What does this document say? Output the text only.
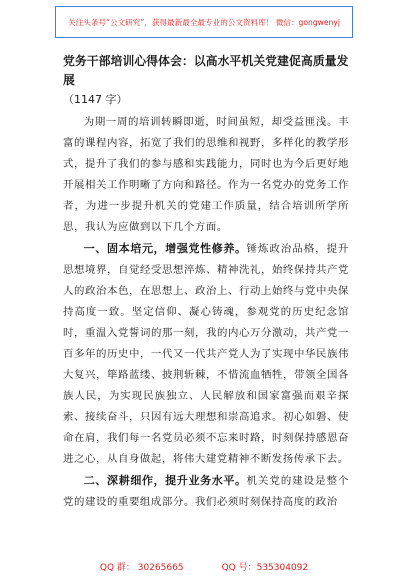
关注头条号“公文研究”，获得最新最全最专业的公文资料库！ 微信：gongwenyj

党务干部培训心得体会：以高水平机关党建促高质量发展

（1147 字）

为期一周的培训转瞬即逝，时间虽短，却受益匪浅。丰富的课程内容，拓宽了我们的思维和视野，多样化的教学形式，提升了我们的参与感和实践能力，同时也为今后更好地开展相关工作明晰了方向和路径。作为一名党办的党务工作者，为进一步提升机关的党建工作质量，结合培训所学所思，我认为应做到以下几个方面。

一、固本培元，增强党性修养。锤炼政治品格，提升思想境界，自觉经受思想淬炼、精神洗礼，始终保持共产党人的政治本色，在思想上、政治上、行动上始终与党中央保持高度一致。坚定信仰、凝心铸魂，参观党的历史纪念馆时，重温入党誓词的那一刻，我的内心万分激动，共产党一百多年的历史中，一代又一代共产党人为了实现中华民族伟大复兴，筚路蓝缕、披荆斩棘，不惜流血牺牲，带领全国各族人民，为实现民族独立、人民解放和国家富强而艰辛探索、接续奋斗，只因有远大理想和崇高追求。初心如磐、使命在肩，我们每一名党员必须不忘来时路，时刻保持感恩奋进之心，从自身做起，将伟大建党精神不断发扬传承下去。

二、深耕细作，提升业务水平。机关党的建设是整个党的建设的重要组成部分。我们必须时刻保持高度的政治

QQ 群： 30265665	QQ 号：535304092
